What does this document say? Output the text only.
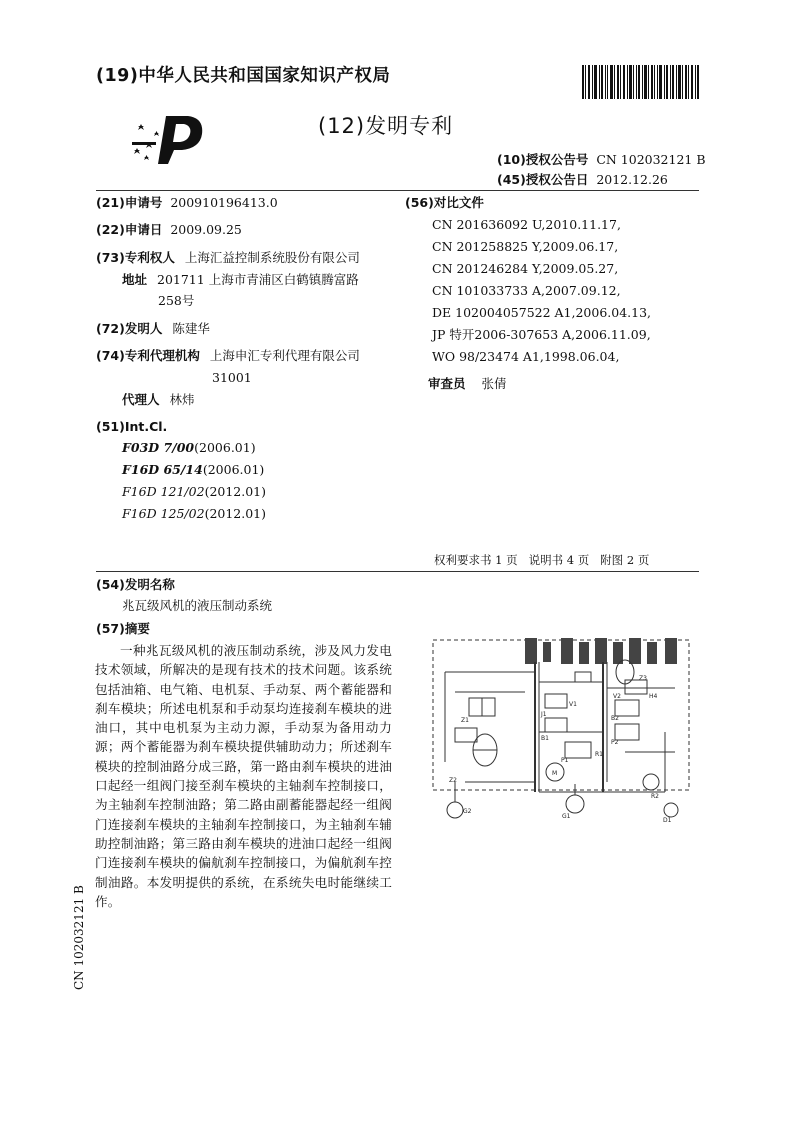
(19)中华人民共和国国家知识产权局
(12)发明专利
(10)授权公告号 CN 102032121 B
(45)授权公告日 2012.12.26
(21)申请号 200910196413.0
(22)申请日 2009.09.25
(73)专利权人 上海汇益控制系统股份有限公司
地址 201711 上海市青浦区白鹤镇腾富路
258号
(72)发明人 陈建华
(74)专利代理机构 上海申汇专利代理有限公司
31001
代理人 林炜
(51)Int.Cl.
F03D 7/00(2006.01)
F16D 65/14(2006.01)
F16D 121/02(2012.01)
F16D 125/02(2012.01)
(56)对比文件
CN 201636092 U,2010.11.17,
CN 201258825 Y,2009.06.17,
CN 201246284 Y,2009.05.27,
CN 101033733 A,2007.09.12,
DE 102004057522 A1,2006.04.13,
JP 特开2006-307653 A,2006.11.09,
WO 98/23474 A1,1998.06.04,
审查员 张倩
权利要求书 1 页   说明书 4 页   附图 2 页
(54)发明名称
兆瓦级风机的液压制动系统
(57)摘要
一种兆瓦级风机的液压制动系统，涉及风力发电技术领域，所解决的是现有技术的技术问题。该系统包括油箱、电气箱、电机泵、手动泵、两个蓄能器和刹车模块；所述电机泵和手动泵均连接刹车模块的进油口，其中电机泵为主动力源，手动泵为备用动力源；两个蓄能器为刹车模块提供辅助动力；所述刹车模块的控制油路分成三路，第一路由刹车模块的进油口起经一组阀门接至刹车模块的主轴刹车控制接口，为主轴刹车控制油路；第二路由副蓄能器起经一组阀门连接刹车模块的主轴刹车控制接口，为主轴刹车辅助控制油路；第三路由刹车模块的进油口起经一组阀门连接刹车模块的偏航刹车控制接口，为偏航刹车控制油路。本发明提供的系统，在系统失电时能继续工作。
CN 102032121 B
Z1
Z2
Z3
J1
P1
P2
M
G1
G2
B1
B2
V1
V2
R1
R2
H4
D1
